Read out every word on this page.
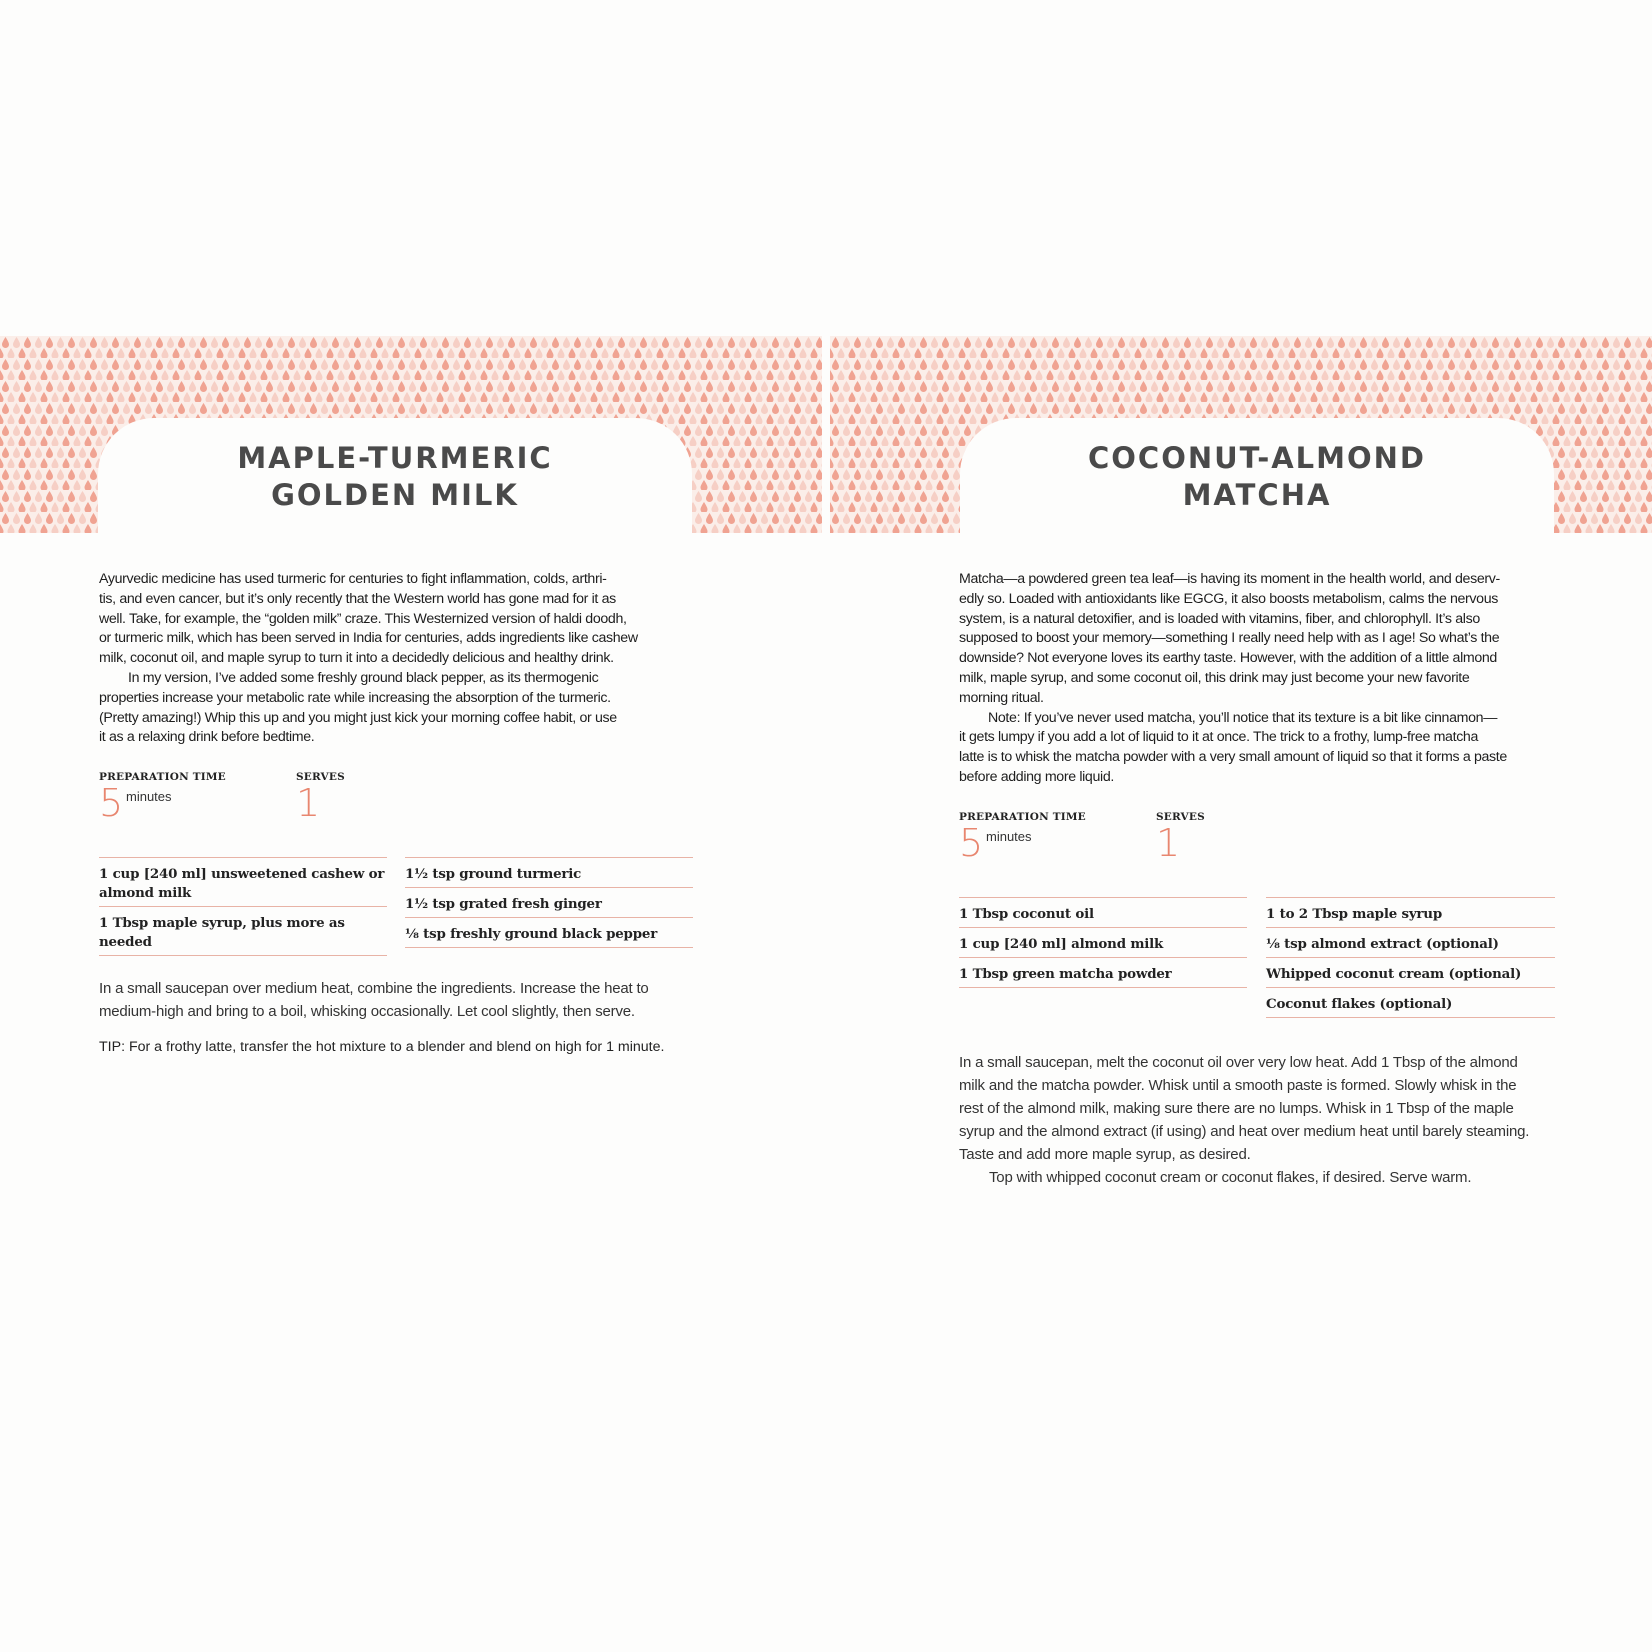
MAPLE-TURMERIC
GOLDEN MILK

Ayurvedic medicine has used turmeric for centuries to fight inflammation, colds, arthri-
tis, and even cancer, but it’s only recently that the Western world has gone mad for it as
well. Take, for example, the “golden milk” craze. This Westernized version of haldi doodh,
or turmeric milk, which has been served in India for centuries, adds ingredients like cashew
milk, coconut oil, and maple syrup to turn it into a decidedly delicious and healthy drink.

In my version, I’ve added some freshly ground black pepper, as its thermogenic
properties increase your metabolic rate while increasing the absorption of the turmeric.
(Pretty amazing!) Whip this up and you might just kick your morning coffee habit, or use
it as a relaxing drink before bedtime.

PREPARATION TIME
5 minutes
SERVES
1
1 cup [240 ml] unsweetened cashew or almond milk
1 Tbsp maple syrup, plus more as needed
1½ tsp ground turmeric
1½ tsp grated fresh ginger
⅛ tsp freshly ground black pepper

In a small saucepan over medium heat, combine the ingredients. Increase the heat to
medium-high and bring to a boil, whisking occasionally. Let cool slightly, then serve.

TIP: For a frothy latte, transfer the hot mixture to a blender and blend on high for 1 minute.
COCONUT-ALMOND
MATCHA

Matcha—a powdered green tea leaf—is having its moment in the health world, and deserv-
edly so. Loaded with antioxidants like EGCG, it also boosts metabolism, calms the nervous
system, is a natural detoxifier, and is loaded with vitamins, fiber, and chlorophyll. It’s also
supposed to boost your memory—something I really need help with as I age! So what’s the
downside? Not everyone loves its earthy taste. However, with the addition of a little almond
milk, maple syrup, and some coconut oil, this drink may just become your new favorite
morning ritual.

Note: If you’ve never used matcha, you’ll notice that its texture is a bit like cinnamon—
it gets lumpy if you add a lot of liquid to it at once. The trick to a frothy, lump-free matcha
latte is to whisk the matcha powder with a very small amount of liquid so that it forms a paste
before adding more liquid.

PREPARATION TIME
5 minutes
SERVES
1
1 Tbsp coconut oil
1 cup [240 ml] almond milk
1 Tbsp green matcha powder
1 to 2 Tbsp maple syrup
⅛ tsp almond extract (optional)
Whipped coconut cream (optional)
Coconut flakes (optional)

In a small saucepan, melt the coconut oil over very low heat. Add 1 Tbsp of the almond
milk and the matcha powder. Whisk until a smooth paste is formed. Slowly whisk in the
rest of the almond milk, making sure there are no lumps. Whisk in 1 Tbsp of the maple
syrup and the almond extract (if using) and heat over medium heat until barely steaming.
Taste and add more maple syrup, as desired.
Top with whipped coconut cream or coconut flakes, if desired. Serve warm.
